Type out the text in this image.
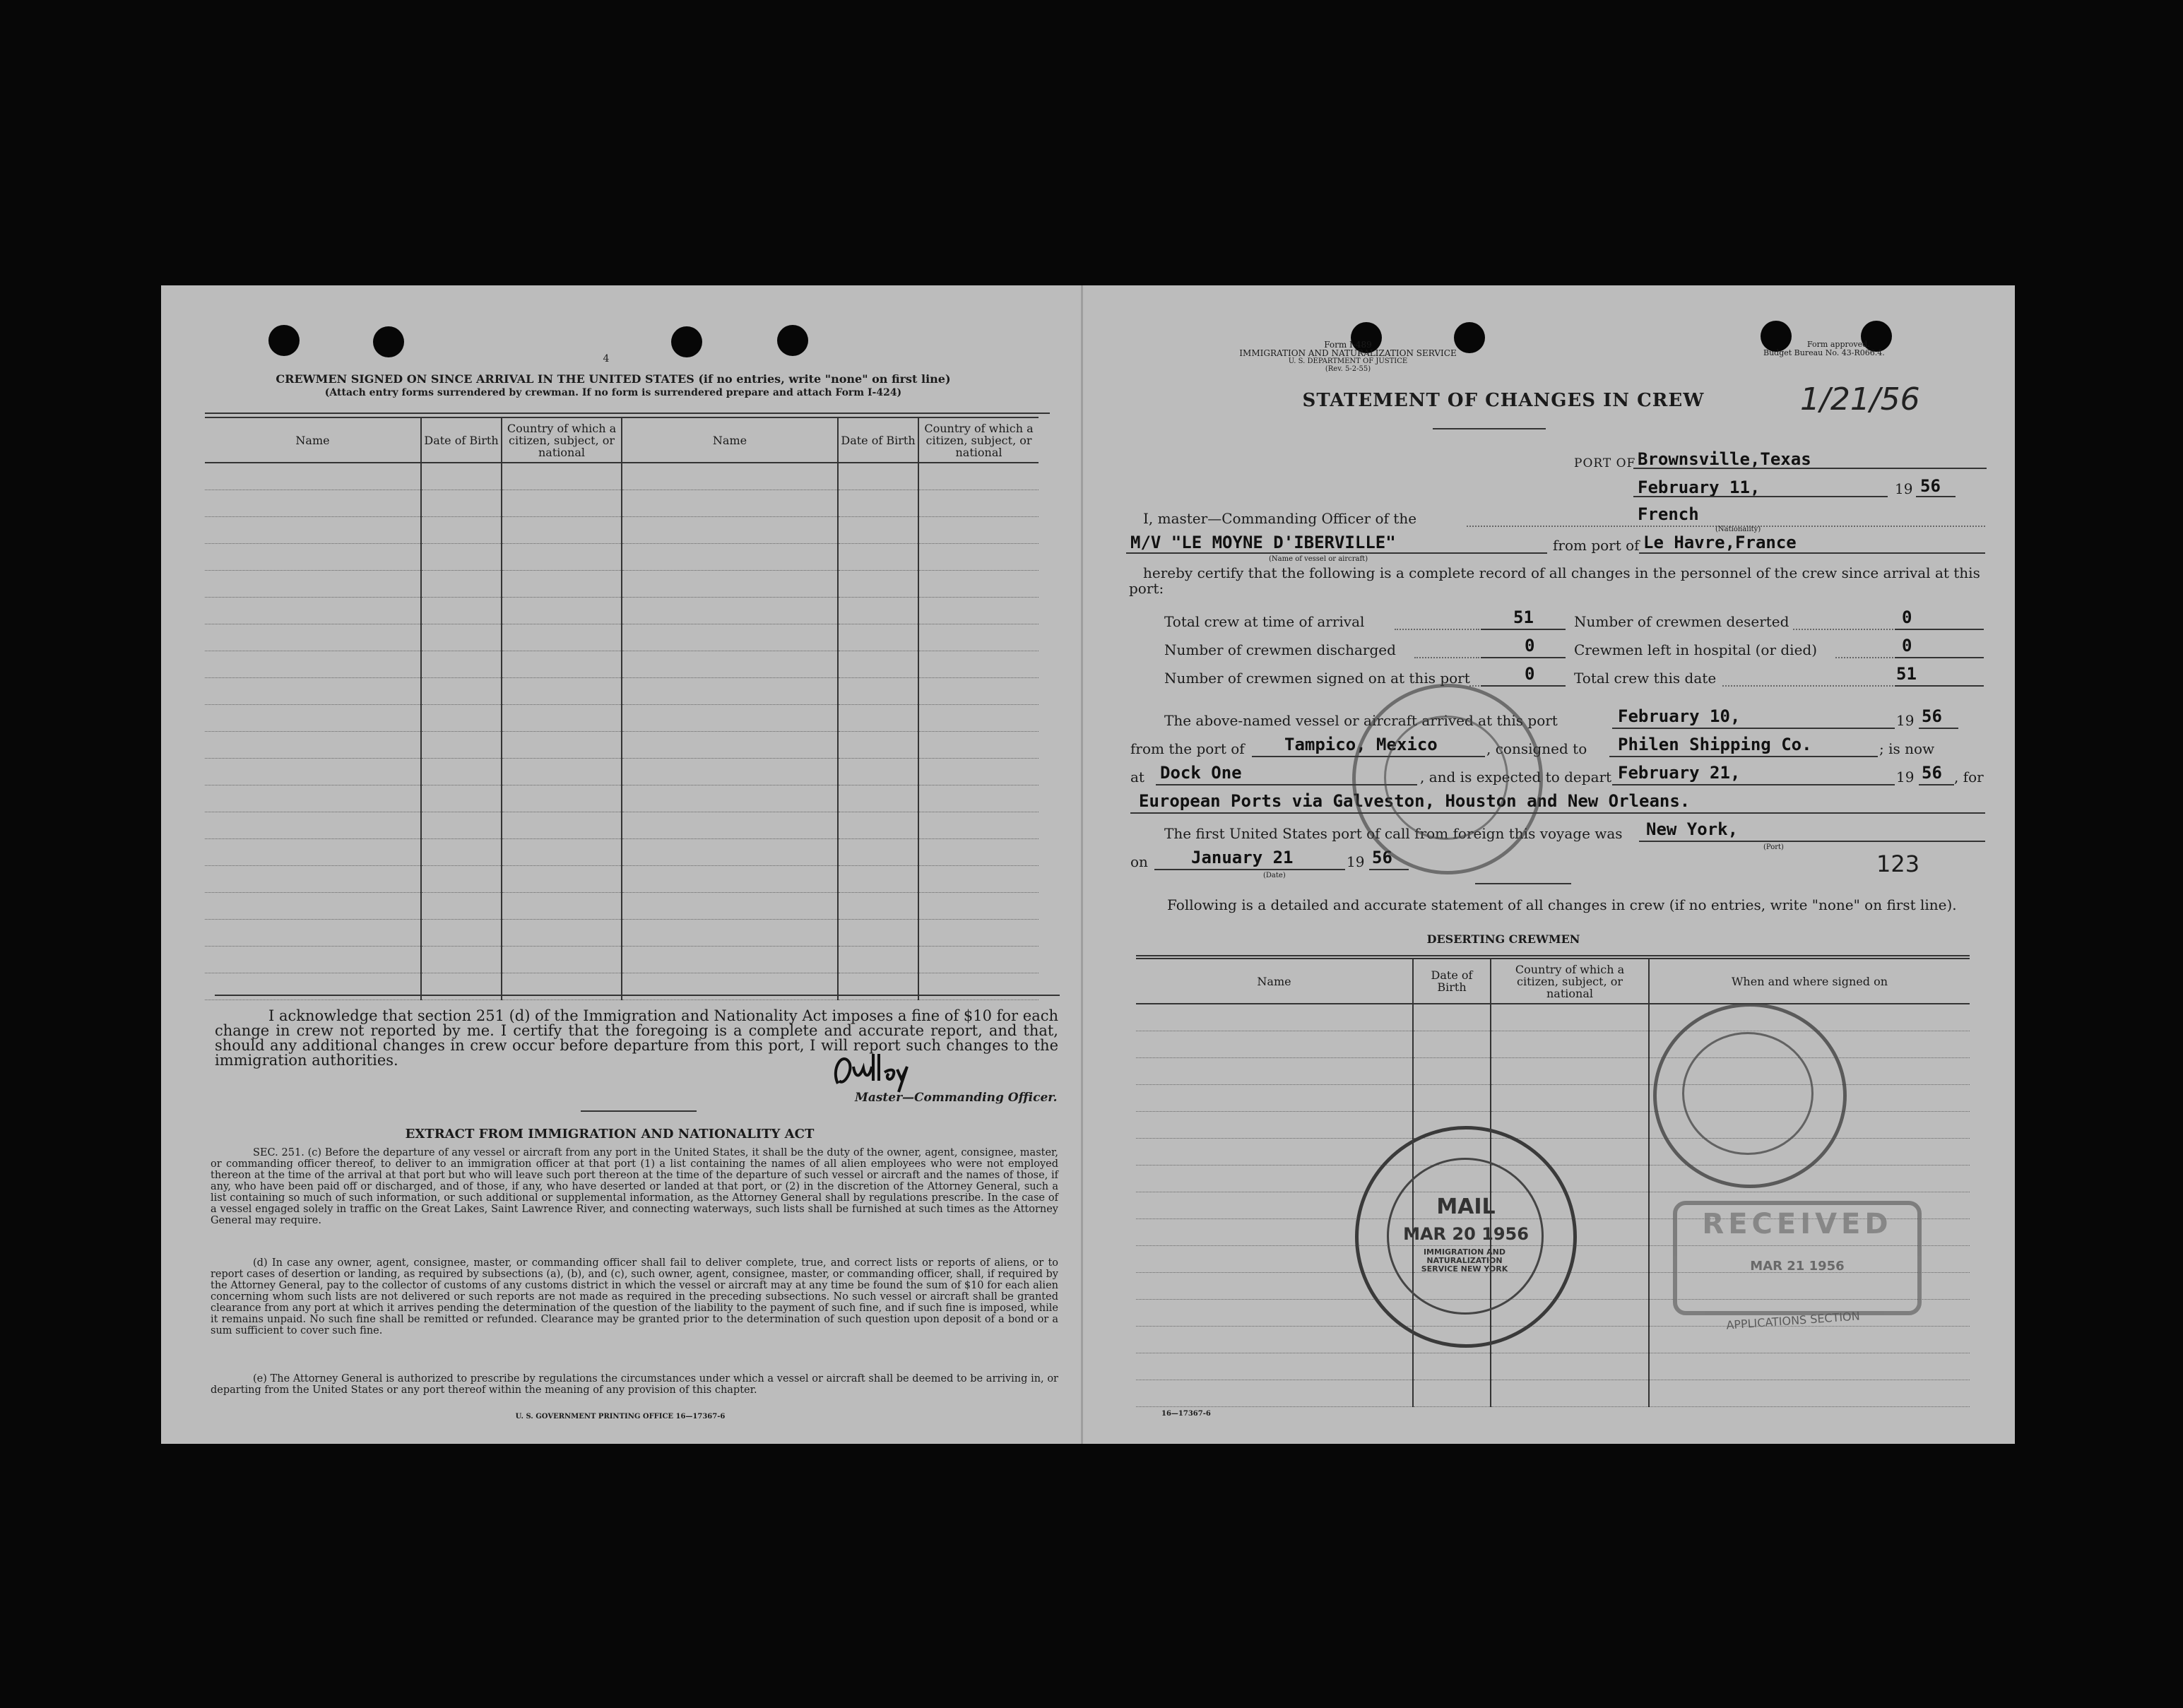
4
CREWMEN SIGNED ON SINCE ARRIVAL IN THE UNITED STATES (if no entries, write "none" on first line)
(Attach entry forms surrendered by crewman. If no form is surrendered prepare and attach Form I-424)
Name	Date of Birth	Country of which a citizen, subject, or national	Name	Date of Birth	Country of which a citizen, subject, or national

I acknowledge that section 251 (d) of the Immigration and Nationality Act imposes a fine of $10 for each change in crew not reported by me. I certify that the foregoing is a complete and accurate report, and that, should any additional changes in crew occur before departure from this port, I will report such changes to the immigration authorities.
Master—Commanding Officer.
EXTRACT FROM IMMIGRATION AND NATIONALITY ACT
SEC. 251. (c) Before the departure of any vessel or aircraft from any port in the United States, it shall be the duty of the owner, agent, consignee, master, or commanding officer thereof, to deliver to an immigration officer at that port (1) a list containing the names of all alien employees who were not employed thereon at the time of the arrival at that port but who will leave such port thereon at the time of the departure of such vessel or aircraft and the names of those, if any, who have been paid off or discharged, and of those, if any, who have deserted or landed at that port, or (2) in the discretion of the Attorney General, such a list containing so much of such information, or such additional or supplemental information, as the Attorney General shall by regulations prescribe. In the case of a vessel engaged solely in traffic on the Great Lakes, Saint Lawrence River, and connecting waterways, such lists shall be furnished at such times as the Attorney General may require.
(d) In case any owner, agent, consignee, master, or commanding officer shall fail to deliver complete, true, and correct lists or reports of aliens, or to report cases of desertion or landing, as required by subsections (a), (b), and (c), such owner, agent, consignee, master, or commanding officer, shall, if required by the Attorney General, pay to the collector of customs of any customs district in which the vessel or aircraft may at any time be found the sum of $10 for each alien concerning whom such lists are not delivered or such reports are not made as required in the preceding subsections. No such vessel or aircraft shall be granted clearance from any port at which it arrives pending the determination of the question of the liability to the payment of such fine, and if such fine is imposed, while it remains unpaid. No such fine shall be remitted or refunded. Clearance may be granted prior to the determination of such question upon deposit of a bond or a sum sufficient to cover such fine.
(e) The Attorney General is authorized to prescribe by regulations the circumstances under which a vessel or aircraft shall be deemed to be arriving in, or departing from the United States or any port thereof within the meaning of any provision of this chapter.
U. S. GOVERNMENT PRINTING OFFICE 16—17367-6
Form I-489
IMMIGRATION AND NATURALIZATION SERVICE
U. S. DEPARTMENT OF JUSTICE
(Rev. 5-2-55)
Form approved.
Budget Bureau No. 43-R066.4.
STATEMENT OF CHANGES IN CREW	1/21/56
PORT OF Brownsville,Texas
February 11,	19 56
I, master—Commanding Officer of the	French
(Nationality)
M/V "LE MOYNE D'IBERVILLE"
(Name of vessel or aircraft)
from port of Le Havre,France
hereby certify that the following is a complete record of all changes in the personnel of the crew since arrival at this port:
Total crew at time of arrival	51
Number of crewmen discharged	0
Number of crewmen signed on at this port	0
Number of crewmen deserted	0
Crewmen left in hospital (or died)	0
Total crew this date	51
The above-named vessel or aircraft arrived at this port	February 10,	19 56
from the port of Tampico, Mexico	, consigned to Philen Shipping Co.	; is now
at Dock One	, and is expected to depart February 21,	19 56 , for
European Ports via Galveston, Houston and New Orleans.
The first United States port of call from foreign this voyage was New York,
(Port)
on	January 21
(Date)
19 56	123
Following is a detailed and accurate statement of all changes in crew (if no entries, write "none" on first line).
DESERTING CREWMEN
Name	Date of Birth	Country of which a citizen, subject, or national	When and where signed on

16—17367-6
MAIL
MAR 20 1956
IMMIGRATION AND NATURALIZATION SERVICE NEW YORK
RECEIVED
MAR 21 1956
APPLICATIONS SECTION
